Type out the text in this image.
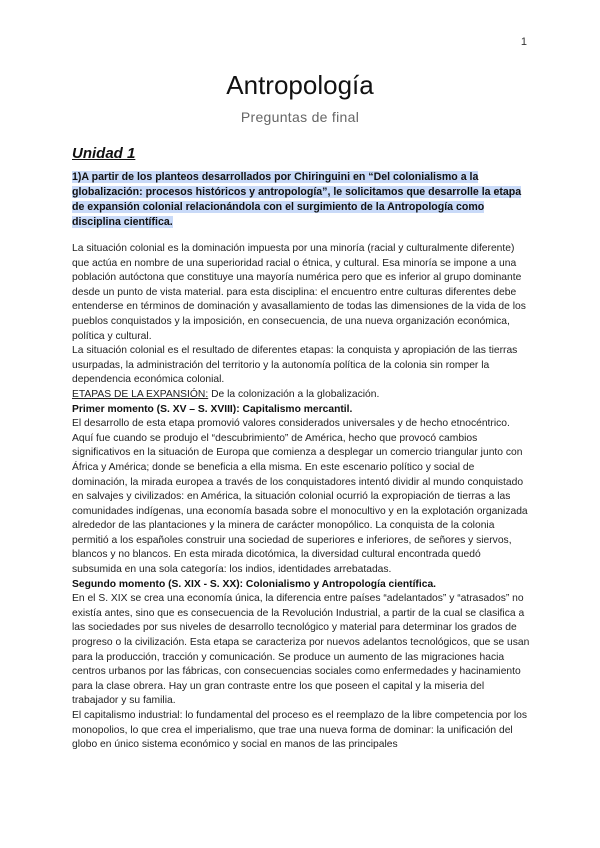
1
Antropología
Preguntas de final
Unidad 1
1)A partir de los planteos desarrollados por Chiringuini en “Del colonialismo a la globalización: procesos históricos y antropología”, le solicitamos que desarrolle la etapa de expansión colonial relacionándola con el surgimiento de la Antropología como disciplina científica.

La situación colonial es la dominación impuesta por una minoría (racial y culturalmente diferente) que actúa en nombre de una superioridad racial o étnica, y cultural. Esa minoría se impone a una población autóctona que constituye una mayoría numérica pero que es inferior al grupo dominante desde un punto de vista material. para esta disciplina: el encuentro entre culturas diferentes debe entenderse en términos de dominación y avasallamiento de todas las dimensiones de la vida de los pueblos conquistados y la imposición, en consecuencia, de una nueva organización económica, política y cultural.

La situación colonial es el resultado de diferentes etapas: la conquista y apropiación de las tierras usurpadas, la administración del territorio y la autonomía política de la colonia sin romper la dependencia económica colonial.

ETAPAS DE LA EXPANSIÓN: De la colonización a la globalización.

Primer momento (S. XV – S. XVIII): Capitalismo mercantil.

El desarrollo de esta etapa promovió valores considerados universales y de hecho etnocéntrico. Aquí fue cuando se produjo el “descubrimiento” de América, hecho que provocó cambios significativos en la situación de Europa que comienza a desplegar un comercio triangular junto con África y América; donde se beneficia a ella misma. En este escenario político y social de dominación, la mirada europea a través de los conquistadores intentó dividir al mundo conquistado en salvajes y civilizados: en América, la situación colonial ocurrió la expropiación de tierras a las comunidades indígenas, una economía basada sobre el monocultivo y en la explotación organizada alrededor de las plantaciones y la minera de carácter monopólico. La conquista de la colonia permitió a los españoles construir una sociedad de superiores e inferiores, de señores y siervos, blancos y no blancos. En esta mirada dicotómica, la diversidad cultural encontrada quedó subsumida en una sola categoría: los indios, identidades arrebatadas.

Segundo momento (S. XIX - S. XX): Colonialismo y Antropología científica.

En el S. XIX se crea una economía única, la diferencia entre países “adelantados” y “atrasados” no existía antes, sino que es consecuencia de la Revolución Industrial, a partir de la cual se clasifica a las sociedades por sus niveles de desarrollo tecnológico y material para determinar los grados de progreso o la civilización. Esta etapa se caracteriza por nuevos adelantos tecnológicos, que se usan para la producción, tracción y comunicación. Se produce un aumento de las migraciones hacia centros urbanos por las fábricas, con consecuencias sociales como enfermedades y hacinamiento para la clase obrera. Hay un gran contraste entre los que poseen el capital y la miseria del trabajador y su familia.

El capitalismo industrial: lo fundamental del proceso es el reemplazo de la libre competencia por los monopolios, lo que crea el imperialismo, que trae una nueva forma de dominar: la unificación del globo en único sistema económico y social en manos de las principales
